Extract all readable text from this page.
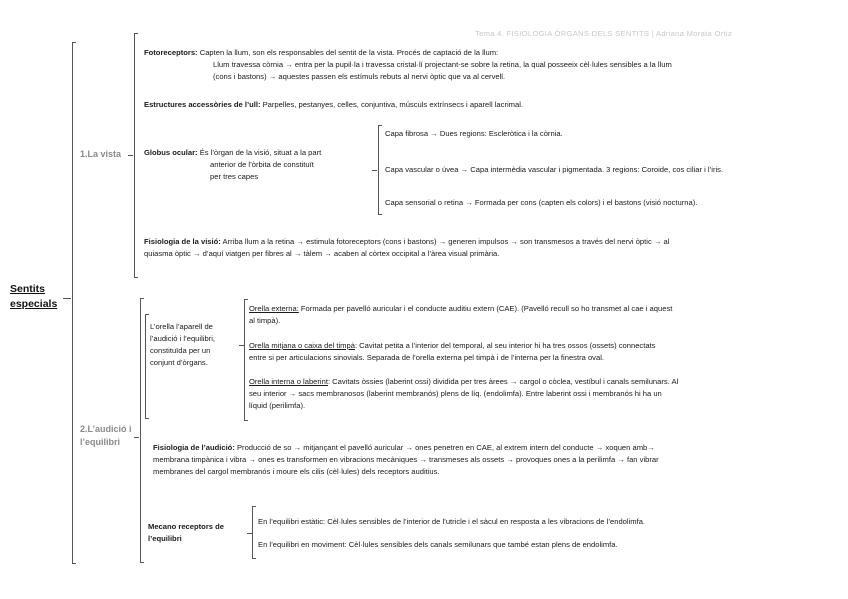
Tema 4. FISIOLOGIA ÒRGANS DELS SENTITS | Adriana Morata Ortiz
Sentits
especials
1.La vista
Fotoreceptors: Capten la llum, son els responsables del sentit de la vista. Procés de captació de la llum:
Llum travessa còrnia → entra per la pupil·la i travessa cristal·lí projectant-se sobre la retina, la qual posseeix cèl·lules sensibles a la llum
(cons i bastons) → aquestes passen els estímuls rebuts al nervi òptic que va al cervell.
Estructures accessòries de l’ull: Parpelles, pestanyes, celles, conjuntiva, músculs extrínsecs i aparell lacrimal.
Globus ocular: És l’òrgan de la visió, situat a la part
anterior de l’òrbita de constituït
per tres capes
Capa fibrosa → Dues regions: Escleròtica i la còrnia.
Capa vascular o úvea → Capa intermèdia vascular i pigmentada. 3 regions: Coroide, cos ciliar i l’iris.
Capa sensorial o retina → Formada per cons (capten els colors) i el bastons (visió nocturna).
Fisiologia de la visió: Arriba llum a la retina → estimula fotoreceptors (cons i bastons) → generen impulsos → son transmesos a través del nervi òptic → al
quiasma òptic → d’aquí viatgen per fibres al → tàlem → acaben al còrtex occipital a l’àrea visual primària.
2.L’audició i
l’equilibri
L’orella l’aparell de
l’audició i l’equilibri,
constituïda per un
conjunt d’òrgans.
Orella externa: Formada per pavelló auricular i el conducte auditiu extern (CAE). (Pavelló recull so ho transmet al cae i aquest
al timpà).
Orella mitjana o caixa del timpà: Cavitat petita a l’interior del temporal, al seu interior hi ha tres ossos (ossets) connectats
entre si per articulacions sinovials. Separada de l’orella externa pel timpà i de l’interna per la finestra oval.
Orella interna o laberint: Cavitats òssies (laberint ossi) dividida per tres àrees → cargol o còclea, vestíbul i canals semilunars. Al
seu interior → sacs membranosos (laberint membranós) plens de líq. (endolimfa). Entre laberint ossi i membranós hi ha un
líquid (perilimfa).
Fisiologia de l’audició: Producció de so → mitjançant el pavelló auricular → ones penetren en CAE, al extrem intern del conducte → xoquen amb→
membrana timpànica i vibra → ones es transformen en vibracions mecàniques → transmeses als ossets → provoques ones a la perilimfa → fan vibrar
membranes del cargol membranós i moure els cilis (cèl·lules) dels receptors auditius.
Mecano receptors de
l’equilibri
En l’equilibri estàtic: Cèl·lules sensibles de l’interior de l’utricle i el sàcul en resposta a les vibracions de l’endolimfa.
En l’equilibri en moviment: Cèl·lules sensibles dels canals semilunars que també estan plens de endolimfa.
